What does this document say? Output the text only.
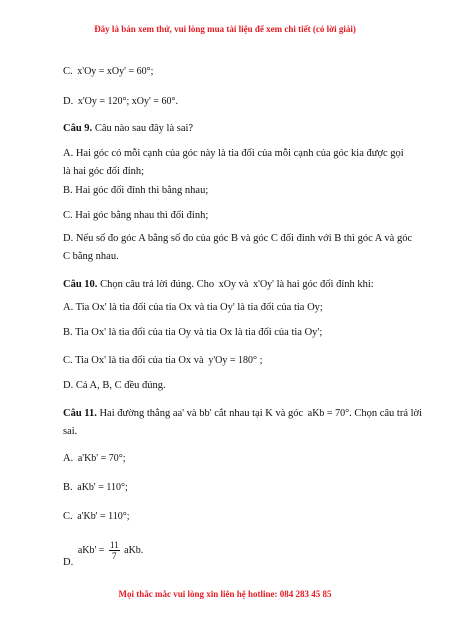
Đây là bản xem thử, vui lòng mua tài liệu để xem chi tiết (có lời giải)
C. x'Oy = xOy' = 60°;
D. x'Oy = 120°; xOy' = 60°.
Câu 9. Câu nào sau đây là sai?
A. Hai góc có mỗi cạnh của góc này là tia đối của mỗi cạnh của góc kia được gọi là hai góc đối đỉnh;
B. Hai góc đối đỉnh thì bằng nhau;
C. Hai góc bằng nhau thì đối đỉnh;
D. Nếu số đo góc A bằng số đo của góc B và góc C đối đỉnh với B thì góc A và góc C bằng nhau.
Câu 10. Chọn câu trả lời đúng. Cho xOy và x'Oy' là hai góc đối đỉnh khi:
A. Tia Ox' là tia đối của tia Ox và tia Oy' là tia đối của tia Oy;
B. Tia Ox' là tia đối của tia Oy và tia Ox là tia đối của tia Oy';
C. Tia Ox' là tia đối của tia Ox và y'Oy = 180° ;
D. Cả A, B, C đều đúng.
Câu 11. Hai đường thẳng aa' và bb' cắt nhau tại K và góc aKb = 70°. Chọn câu trả lời sai.
A. a'Kb' = 70°;
B. aKb' = 110°;
C. a'Kb' = 110°;
D. $aKb' = \frac{11}{7}$ aKb.
Mọi thắc mắc vui lòng xin liên hệ hotline: 084 283 45 85
